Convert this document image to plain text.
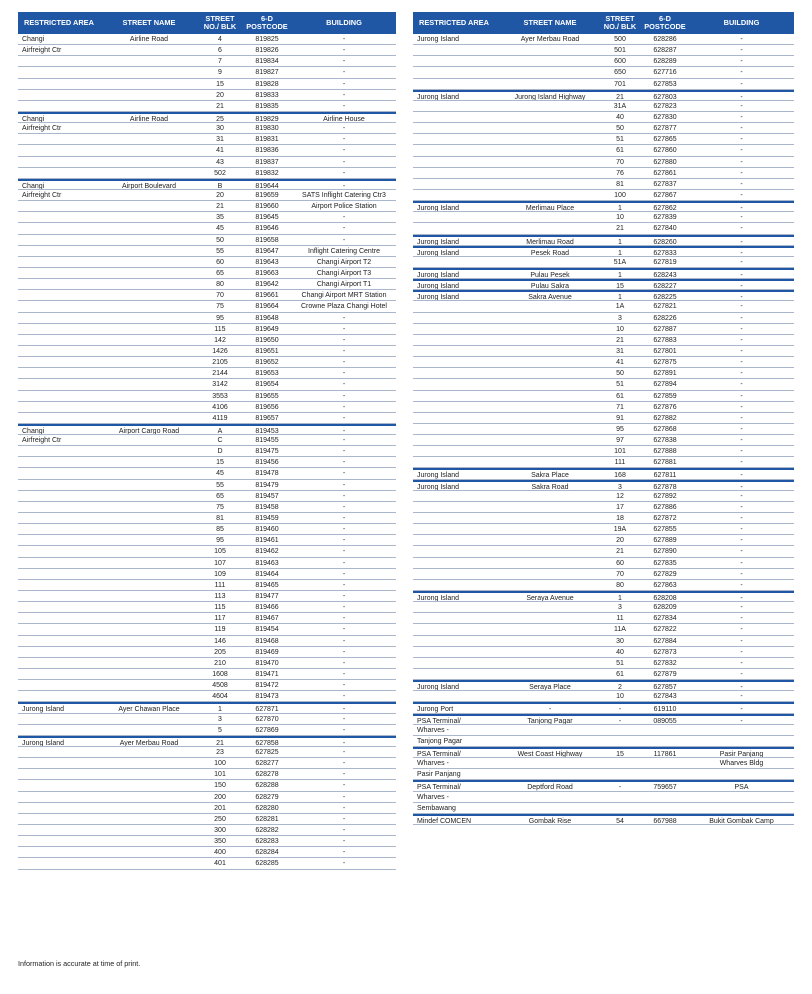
RESTRICTED AREA	STREET NAME	STREET
NO./ BLK
6-D
POSTCODE	BUILDING
Changi	Airline Road	4	819825	-
Airfreight Ctr	6	819826	-
7	819834	-
9	819827	-
15	819828	-
20	819833	-
21	819835	-
Changi	Airline Road	25	819829	Airline House
Airfreight Ctr	30	819830	-
31	819831	-
41	819836	-
43	819837	-
502	819832	-
Changi	Airport Boulevard	B	819644	-
Airfreight Ctr	20	819659	SATS Inflight Catering Ctr3
21	819660	Airport Police Station
35	819645	-
45	819646	-
50	819658	-
55	819647	Inflight Catering Centre
60	819643	Changi Airport T2
65	819663	Changi Airport T3
80	819642	Changi Airport T1
70	819661	Changi Airport MRT Station
75	819664	Crowne Plaza Changi Hotel
95	819648	-
115	819649	-
142	819650	-
1426	819651	-
2105	819652	-
2144	819653	-
3142	819654	-
3553	819655	-
4106	819656	-
4119	819657	-
Changi	Airport Cargo Road	A	819453	-
Airfreight Ctr	C	819455	-
D	819475	-
15	819456	-
45	819478	-
55	819479	-
65	819457	-
75	819458	-
81	819459	-
85	819460	-
95	819461	-
105	819462	-
107	819463	-
109	819464	-
111	819465	-
113	819477	-
115	819466	-
117	819467	-
119	819454	-
146	819468	-
205	819469	-
210	819470	-
1608	819471	-
4508	819472	-
4604	819473	-
Jurong Island	Ayer Chawan Place	1	627871	-
3	627870	-
5	627869	-
Jurong Island	Ayer Merbau Road	21	627858	-
23	627825	-
100	628277	-
101	628278	-
150	628288	-
200	628279	-
201	628280	-
250	628281	-
300	628282	-
350	628283	-
400	628284	-
401	628285	-
RESTRICTED AREA	STREET NAME	STREET
NO./ BLK
6-D
POSTCODE	BUILDING
Jurong Island	Ayer Merbau Road	500	628286	-
501	628287	-
600	628289	-
650	627716	-
701	627853	-
Jurong Island	Jurong Island Highway	21	627803	-
31A	627823	-
40	627830	-
50	627877	-
51	627865	-
61	627860	-
70	627880	-
76	627861	-
81	627837	-
100	627867	-
Jurong Island	Merlimau Place	1	627862	-
10	627839	-
21	627840	-
Jurong Island	Merlimau Road	1	628260	-
Jurong Island	Pesek Road	1	627833	-
51A	627819	-
Jurong Island	Pulau Pesek	1	628243	-
Jurong Island	Pulau Sakra	15	628227	-
Jurong Island	Sakra Avenue	1	628225	-
1A	627821	-
3	628226	-
10	627887	-
21	627883	-
31	627801	-
41	627875	-
50	627891	-
51	627894	-
61	627859	-
71	627876	-
91	627882	-
95	627868	-
97	627838	-
101	627888	-
111	627881	-
Jurong Island	Sakra Place	168	627811	-
Jurong Island	Sakra Road	3	627878	-
12	627892	-
17	627886	-
18	627872	-
19A	627855	-
20	627889	-
21	627890	-
60	627835	-
70	627829	-
80	627863	-
Jurong Island	Seraya Avenue	1	628208	-
3	628209	-
11	627834	-
11A	627822	-
30	627884	-
40	627873	-
51	627832	-
61	627879	-
Jurong Island	Seraya Place	2	627857	-
10	627843	-
Jurong Port	-	-	619110	-
PSA Terminal/	Tanjong Pagar	-	089055	-
Wharves -
Tanjong Pagar
PSA Terminal/	West Coast Highway	15	117861	Pasir Panjang
Wharves -	Wharves Bldg
Pasir Panjang
PSA Terminal/	Deptford Road	-	759657	PSA
Wharves -
Sembawang
Mindef COMCEN	Gombak Rise	54	667988	Bukit Gombak Camp
Information is accurate at time of print.
